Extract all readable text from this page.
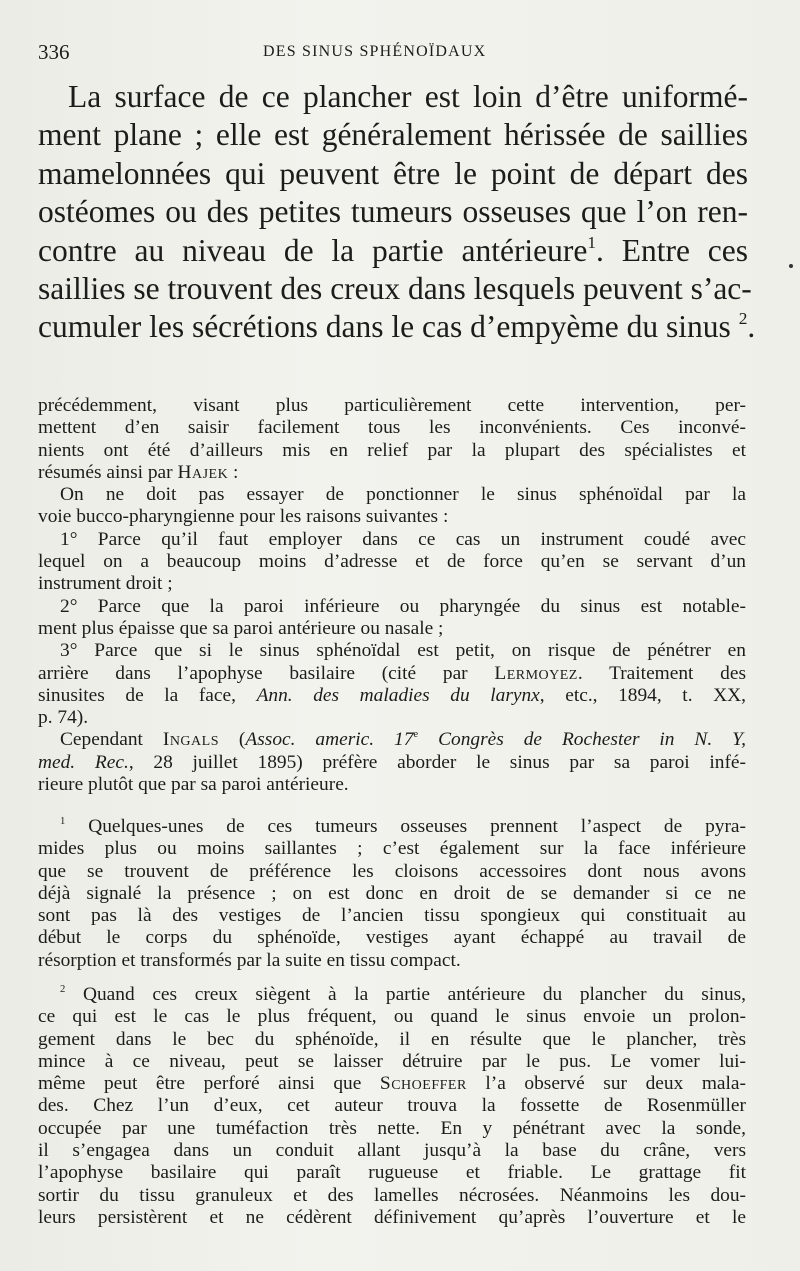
336	DES SINUS SPHÉNOÏDAUX
La surface de ce plancher est loin d’être uniformé-
ment plane ; elle est généralement hérissée de saillies
mamelonnées qui peuvent être le point de départ des
ostéomes ou des petites tumeurs osseuses que l’on ren-
contre au niveau de la partie antérieure$^1$. Entre ces
saillies se trouvent des creux dans lesquels peuvent s’ac-
cumuler les sécrétions dans le cas d’empyème du sinus $^2$.
précédemment, visant plus particulièrement cette intervention, per-
mettent d’en saisir facilement tous les inconvénients. Ces inconvé-
nients ont été d’ailleurs mis en relief par la plupart des spécialistes et
résumés ainsi par Hajek :
On ne doit pas essayer de ponctionner le sinus sphénoïdal par la
voie bucco-pharyngienne pour les raisons suivantes :
1° Parce qu’il faut employer dans ce cas un instrument coudé avec
lequel on a beaucoup moins d’adresse et de force qu’en se servant d’un
instrument droit ;
2° Parce que la paroi inférieure ou pharyngée du sinus est notable-
ment plus épaisse que sa paroi antérieure ou nasale ;
3° Parce que si le sinus sphénoïdal est petit, on risque de pénétrer en
arrière dans l’apophyse basilaire (cité par Lermoyez. Traitement des
sinusites de la face, Ann. des maladies du larynx, etc., 1894, t. XX,
p. 74).
Cependant Ingals (Assoc. americ. 17e Congrès de Rochester in N. Y,
med. Rec., 28 juillet 1895) préfère aborder le sinus par sa paroi infé-
rieure plutôt que par sa paroi antérieure.
$^1$ Quelques-unes de ces tumeurs osseuses prennent l’aspect de pyra-
mides plus ou moins saillantes ; c’est également sur la face inférieure
que se trouvent de préférence les cloisons accessoires dont nous avons
déjà signalé la présence ; on est donc en droit de se demander si ce ne
sont pas là des vestiges de l’ancien tissu spongieux qui constituait au
début le corps du sphénoïde, vestiges ayant échappé au travail de
résorption et transformés par la suite en tissu compact.
$^2$ Quand ces creux siègent à la partie antérieure du plancher du sinus,
ce qui est le cas le plus fréquent, ou quand le sinus envoie un prolon-
gement dans le bec du sphénoïde, il en résulte que le plancher, très
mince à ce niveau, peut se laisser détruire par le pus. Le vomer lui-
même peut être perforé ainsi que Schoeffer l’a observé sur deux mala-
des. Chez l’un d’eux, cet auteur trouva la fossette de Rosenmüller
occupée par une tuméfaction très nette. En y pénétrant avec la sonde,
il s’engagea dans un conduit allant jusqu’à la base du crâne, vers
l’apophyse basilaire qui paraît rugueuse et friable. Le grattage fit
sortir du tissu granuleux et des lamelles nécrosées. Néanmoins les dou-
leurs persistèrent et ne cédèrent définivement qu’après l’ouverture et le
